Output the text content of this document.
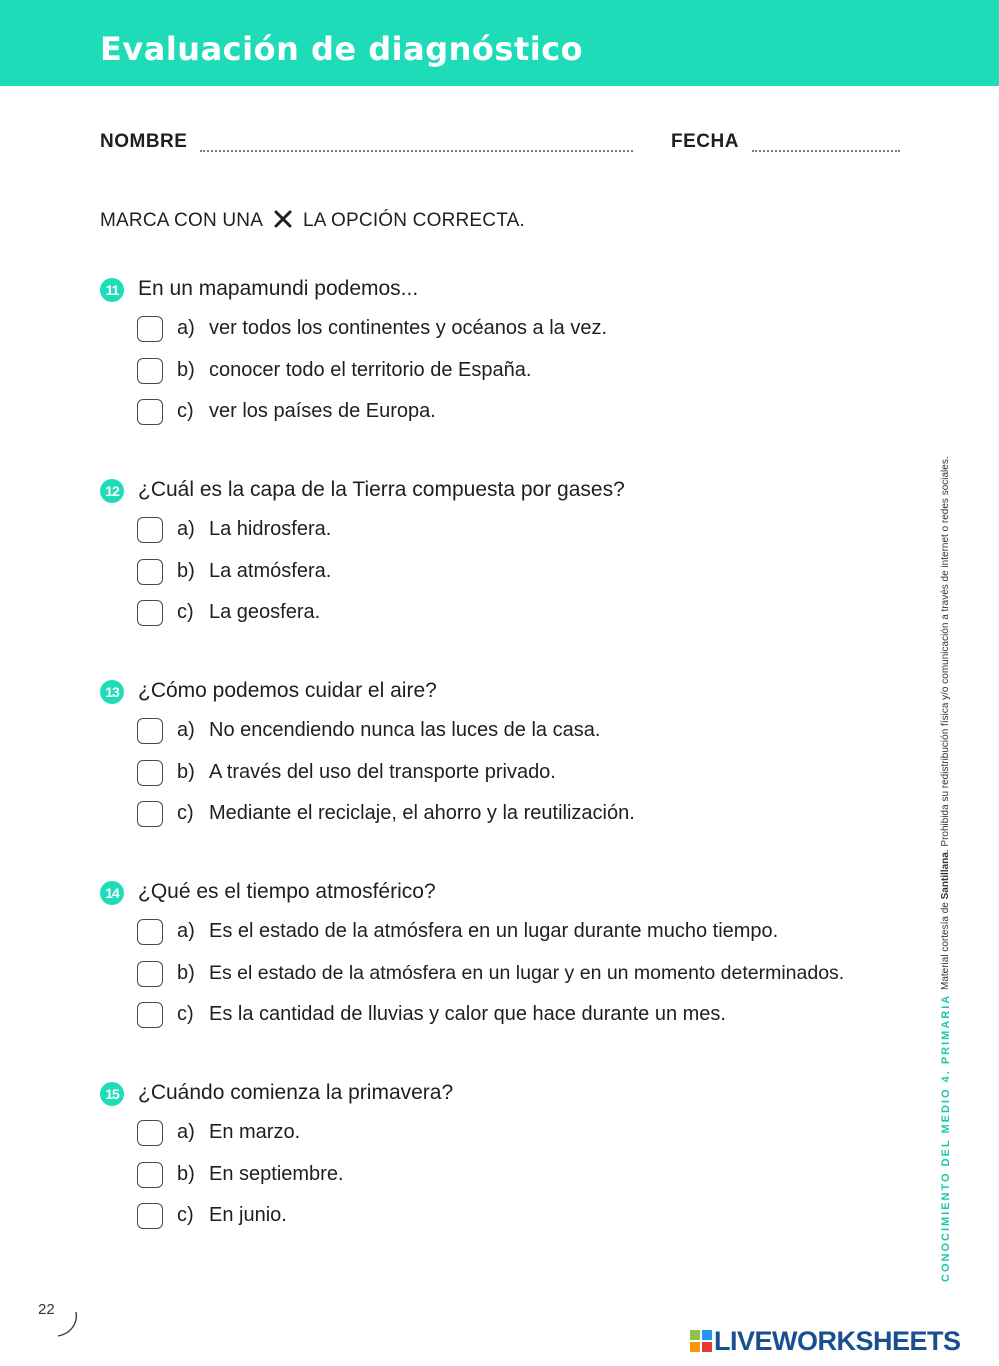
Evaluación de diagnóstico
NOMBRE	FECHA
MARCA CON UNA LA OPCIÓN CORRECTA.
11 En un mapamundi podemos...
a) ver todos los continentes y océanos a la vez.
b) conocer todo el territorio de España.
c) ver los países de Europa.
12 ¿Cuál es la capa de la Tierra compuesta por gases?
a) La hidrosfera.
b) La atmósfera.
c) La geosfera.
13 ¿Cómo podemos cuidar el aire?
a) No encendiendo nunca las luces de la casa.
b) A través del uso del transporte privado.
c) Mediante el reciclaje, el ahorro y la reutilización.
14 ¿Qué es el tiempo atmosférico?
a) Es el estado de la atmósfera en un lugar durante mucho tiempo.
b) Es el estado de la atmósfera en un lugar y en un momento determinados.
c) Es la cantidad de lluvias y calor que hace durante un mes.
15 ¿Cuándo comienza la primavera?
a) En marzo.
b) En septiembre.
c) En junio.
Material cortesía de Santillana. Prohibida su redistribución física y/o comunicación a través de internet o redes sociales.
CONOCIMIENTO DEL MEDIO 4. PRIMARIA
22
LIVEWORKSHEETS
